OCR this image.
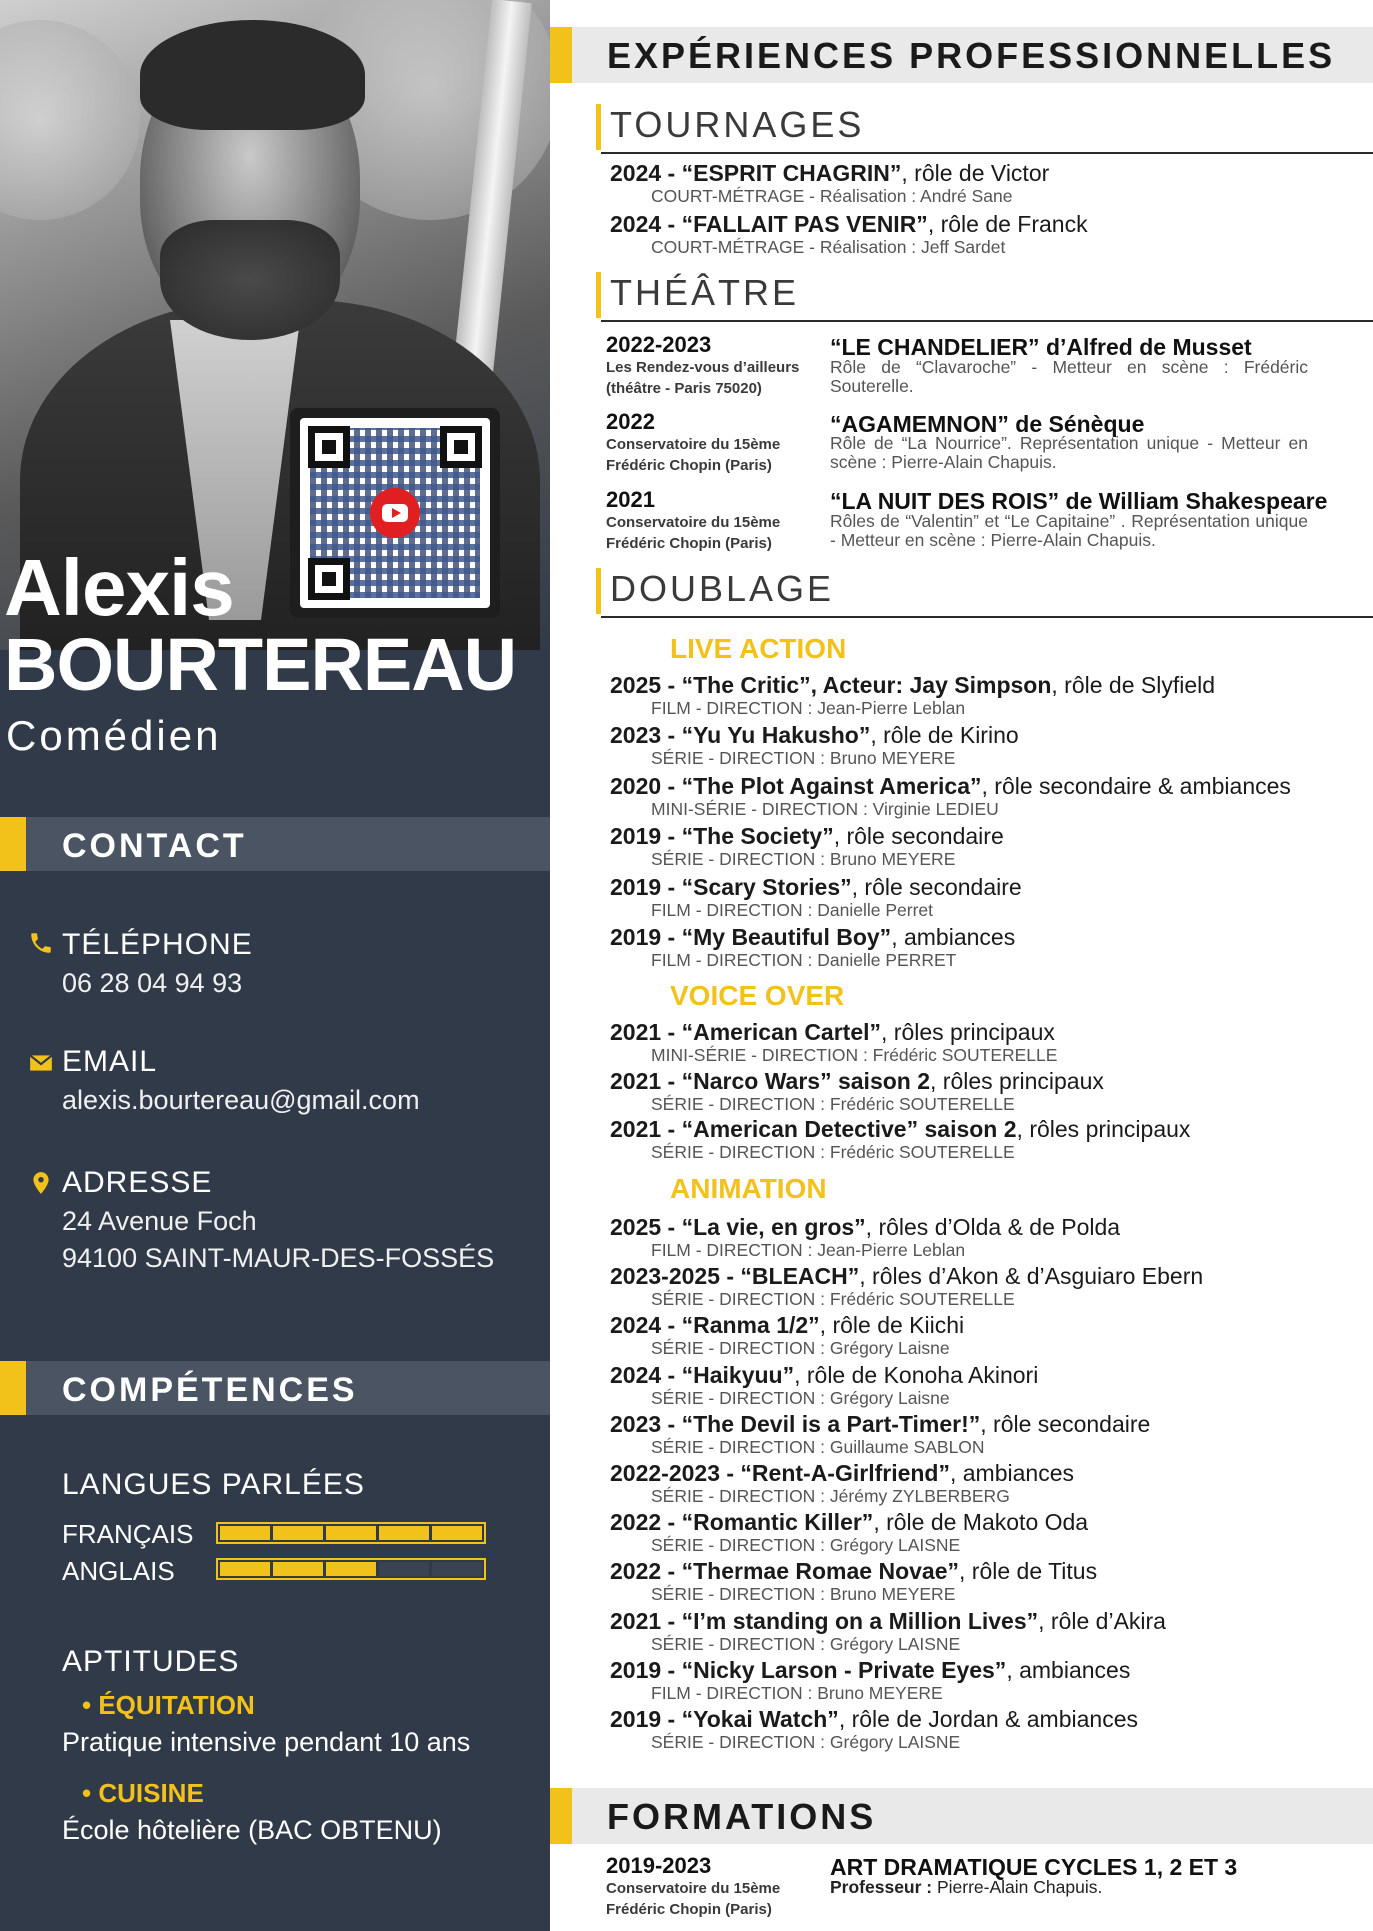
Alexis
BOURTEREAU
Comédien
CONTACT
TÉLÉPHONE
06 28 04 94 93
EMAIL
alexis.bourtereau@gmail.com
ADRESSE
24 Avenue Foch
94100 SAINT-MAUR-DES-FOSSÉS
COMPÉTENCES
LANGUES PARLÉES
FRANÇAIS
ANGLAIS
APTITUDES
• ÉQUITATION
Pratique intensive pendant 10 ans
• CUISINE
École hôtelière (BAC OBTENU)
EXPÉRIENCES PROFESSIONNELLES
TOURNAGES
2024 - “ESPRIT CHAGRIN”, rôle de Victor
COURT-MÉTRAGE - Réalisation : André Sane
2024 - “FALLAIT PAS VENIR”, rôle de Franck
COURT-MÉTRAGE - Réalisation : Jeff Sardet
THÉÂTRE
2022-2023
Les Rendez-vous d’ailleurs
(théâtre - Paris 75020)
“LE CHANDELIER” d’Alfred de Musset
Rôle de “Clavaroche” - Metteur en scène : Frédéric Souterelle.
2022
Conservatoire du 15ème
Frédéric Chopin (Paris)
“AGAMEMNON” de Sénèque
Rôle de “La Nourrice”. Représentation unique - Metteur en scène : Pierre-Alain Chapuis.
2021
Conservatoire du 15ème
Frédéric Chopin (Paris)
“LA NUIT DES ROIS” de William Shakespeare
Rôles de “Valentin” et “Le Capitaine” . Représentation unique - Metteur en scène : Pierre-Alain Chapuis.
DOUBLAGE
LIVE ACTION
2025 - “The Critic”, Acteur: Jay Simpson, rôle de Slyfield
FILM - DIRECTION : Jean-Pierre Leblan
2023 - “Yu Yu Hakusho”, rôle de Kirino
SÉRIE - DIRECTION : Bruno MEYERE
2020 - “The Plot Against America”, rôle secondaire & ambiances
MINI-SÉRIE - DIRECTION : Virginie LEDIEU
2019 - “The Society”, rôle secondaire
SÉRIE - DIRECTION : Bruno MEYERE
2019 - “Scary Stories”, rôle secondaire
FILM - DIRECTION : Danielle Perret
2019 - “My Beautiful Boy”, ambiances
FILM - DIRECTION : Danielle PERRET
VOICE OVER
2021 - “American Cartel”, rôles principaux
MINI-SÉRIE - DIRECTION : Frédéric SOUTERELLE
2021 - “Narco Wars” saison 2, rôles principaux
SÉRIE - DIRECTION : Frédéric SOUTERELLE
2021 - “American Detective” saison 2, rôles principaux
SÉRIE - DIRECTION : Frédéric SOUTERELLE
ANIMATION
2025 - “La vie, en gros”, rôles d’Olda & de Polda
FILM - DIRECTION : Jean-Pierre Leblan
2023-2025 - “BLEACH”, rôles d’Akon & d’Asguiaro Ebern
SÉRIE - DIRECTION : Frédéric SOUTERELLE
2024 - “Ranma 1/2”, rôle de Kiichi
SÉRIE - DIRECTION : Grégory Laisne
2024 - “Haikyuu”, rôle de Konoha Akinori
SÉRIE - DIRECTION : Grégory Laisne
2023 - “The Devil is a Part-Timer!”, rôle secondaire
SÉRIE - DIRECTION : Guillaume SABLON
2022-2023 - “Rent-A-Girlfriend”, ambiances
SÉRIE - DIRECTION : Jérémy ZYLBERBERG
2022 - “Romantic Killer”, rôle de Makoto Oda
SÉRIE - DIRECTION : Grégory LAISNE
2022 - “Thermae Romae Novae”, rôle de Titus
SÉRIE - DIRECTION : Bruno MEYERE
2021 - “I’m standing on a Million Lives”, rôle d’Akira
SÉRIE - DIRECTION : Grégory LAISNE
2019 - “Nicky Larson - Private Eyes”, ambiances
FILM - DIRECTION : Bruno MEYERE
2019 - “Yokai Watch”, rôle de Jordan & ambiances
SÉRIE - DIRECTION : Grégory LAISNE
FORMATIONS
2019-2023
Conservatoire du 15ème
Frédéric Chopin (Paris)
ART DRAMATIQUE CYCLES 1, 2 ET 3
Professeur : Pierre-Alain Chapuis.
